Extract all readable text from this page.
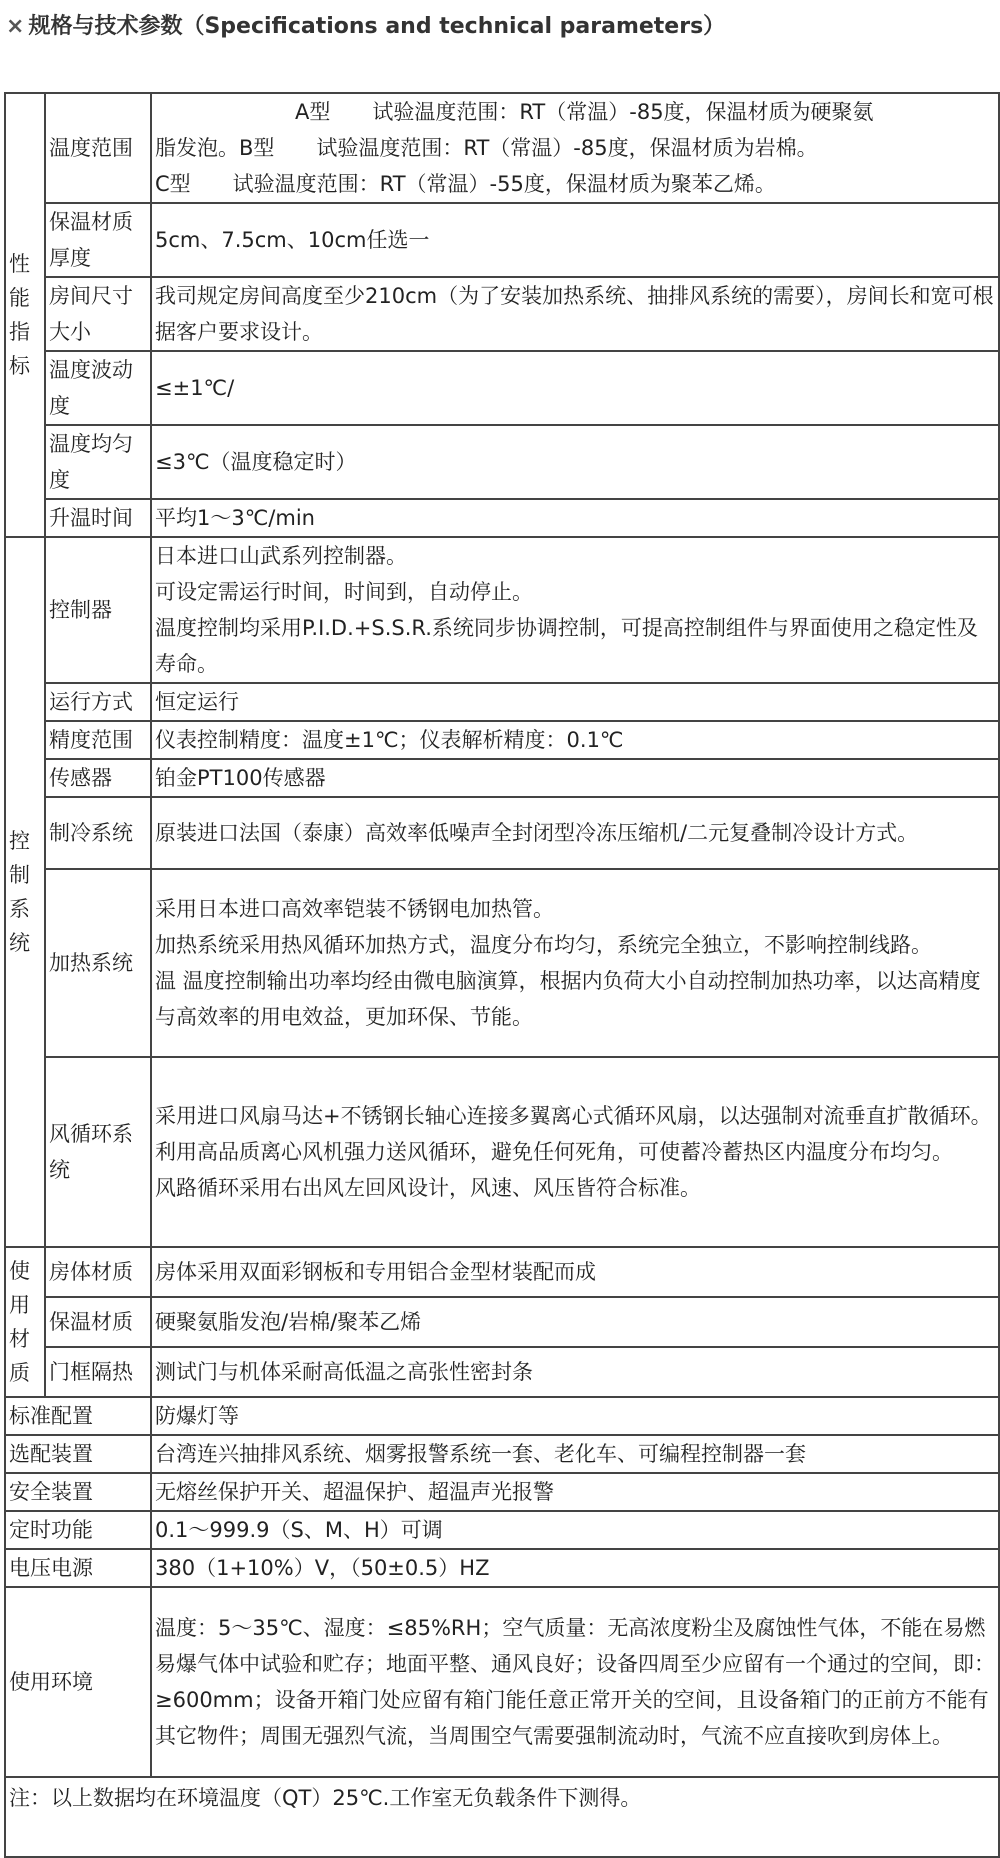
× 规格与技术参数（Specifications and technical parameters）
性
能
指
标	温度范围	A型　　试验温度范围：RT（常温）-85度，保温材质为硬聚氨
脂发泡。B型　　试验温度范围：RT（常温）-85度，保温材质为岩棉。
C型　　试验温度范围：RT（常温）-55度，保温材质为聚苯乙烯。

	保温材质厚度	5cm、7.5cm、10cm任选一
	房间尺寸大小	我司规定房间高度至少210cm（为了安装加热系统、抽排风系统的需要），房间长和宽可根据客户要求设计。
	温度波动度	≤±1℃/
	温度均匀度	≤3℃（温度稳定时）
	升温时间	平均1～3℃/min

控
制
系
统	控制器	日本进口山武系列控制器。
可设定需运行时间，时间到，自动停止。
温度控制均采用P.I.D.+S.S.R.系统同步协调控制，可提高控制组件与界面使用之稳定性及寿命。

	运行方式	恒定运行
	精度范围	仪表控制精度：温度±1℃；仪表解析精度：0.1℃
	传感器	铂金PT100传感器
	制冷系统	原装进口法国（泰康）高效率低噪声全封闭型冷冻压缩机/二元复叠制冷设计方式。
	加热系统	采用日本进口高效率铠装不锈钢电加热管。
加热系统采用热风循环加热方式，温度分布均匀，系统完全独立，不影响控制线路。
温 温度控制输出功率均经由微电脑演算，根据内负荷大小自动控制加热功率，以达高精度与高效率的用电效益，更加环保、节能。

	风循环系统	采用进口风扇马达+不锈钢长轴心连接多翼离心式循环风扇，以达强制对流垂直扩散循环。
利用高品质离心风机强力送风循环，避免任何死角，可使蓄冷蓄热区内温度分布均匀。
风路循环采用右出风左回风设计，风速、风压皆符合标准。

使
用
材
质	房体材质	房体采用双面彩钢板和专用铝合金型材装配而成
	保温材质	硬聚氨脂发泡/岩棉/聚苯乙烯
	门框隔热	测试门与机体采耐高低温之高张性密封条
标准配置		防爆灯等
选配装置		台湾连兴抽排风系统、烟雾报警系统一套、老化车、可编程控制器一套
安全装置		无熔丝保护开关、超温保护、超温声光报警
定时功能		0.1～999.9（S、M、H）可调
电压电源		380（1+10%）V，（50±0.5）HZ
使用环境		温度：5～35℃、湿度：≤85%RH；空气质量：无高浓度粉尘及腐蚀性气体，不能在易燃易爆气体中试验和贮存；地面平整、通风良好；设备四周至少应留有一个通过的空间，即：≥600mm；设备开箱门处应留有箱门能任意正常开关的空间，且设备箱门的正前方不能有其它物件；周围无强烈气流，当周围空气需要强制流动时，气流不应直接吹到房体上。
注：以上数据均在环境温度（QT）25℃.工作室无负载条件下测得。		
